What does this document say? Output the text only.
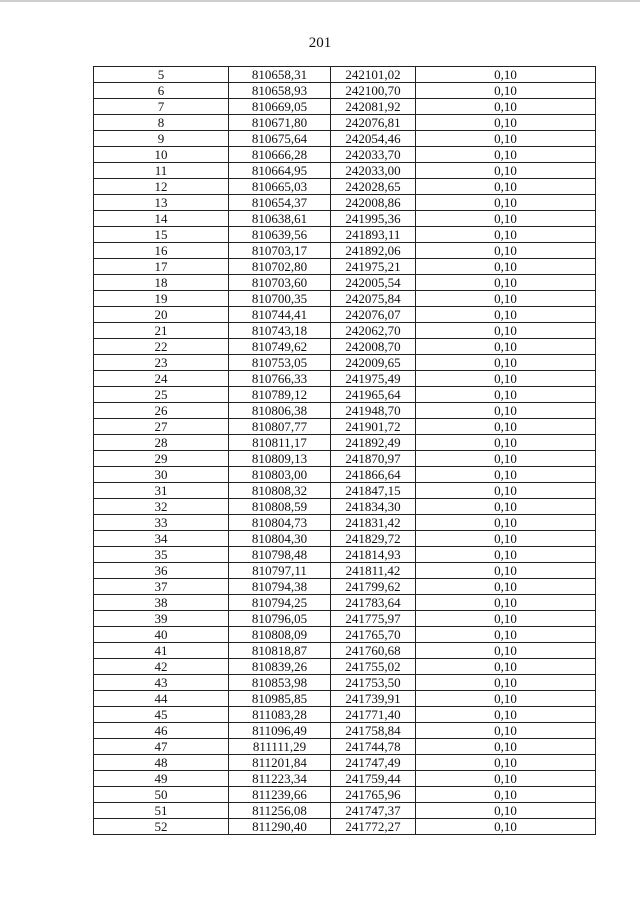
201
5	810658,31	242101,02	0,10
6	810658,93	242100,70	0,10
7	810669,05	242081,92	0,10
8	810671,80	242076,81	0,10
9	810675,64	242054,46	0,10
10	810666,28	242033,70	0,10
11	810664,95	242033,00	0,10
12	810665,03	242028,65	0,10
13	810654,37	242008,86	0,10
14	810638,61	241995,36	0,10
15	810639,56	241893,11	0,10
16	810703,17	241892,06	0,10
17	810702,80	241975,21	0,10
18	810703,60	242005,54	0,10
19	810700,35	242075,84	0,10
20	810744,41	242076,07	0,10
21	810743,18	242062,70	0,10
22	810749,62	242008,70	0,10
23	810753,05	242009,65	0,10
24	810766,33	241975,49	0,10
25	810789,12	241965,64	0,10
26	810806,38	241948,70	0,10
27	810807,77	241901,72	0,10
28	810811,17	241892,49	0,10
29	810809,13	241870,97	0,10
30	810803,00	241866,64	0,10
31	810808,32	241847,15	0,10
32	810808,59	241834,30	0,10
33	810804,73	241831,42	0,10
34	810804,30	241829,72	0,10
35	810798,48	241814,93	0,10
36	810797,11	241811,42	0,10
37	810794,38	241799,62	0,10
38	810794,25	241783,64	0,10
39	810796,05	241775,97	0,10
40	810808,09	241765,70	0,10
41	810818,87	241760,68	0,10
42	810839,26	241755,02	0,10
43	810853,98	241753,50	0,10
44	810985,85	241739,91	0,10
45	811083,28	241771,40	0,10
46	811096,49	241758,84	0,10
47	811111,29	241744,78	0,10
48	811201,84	241747,49	0,10
49	811223,34	241759,44	0,10
50	811239,66	241765,96	0,10
51	811256,08	241747,37	0,10
52	811290,40	241772,27	0,10
